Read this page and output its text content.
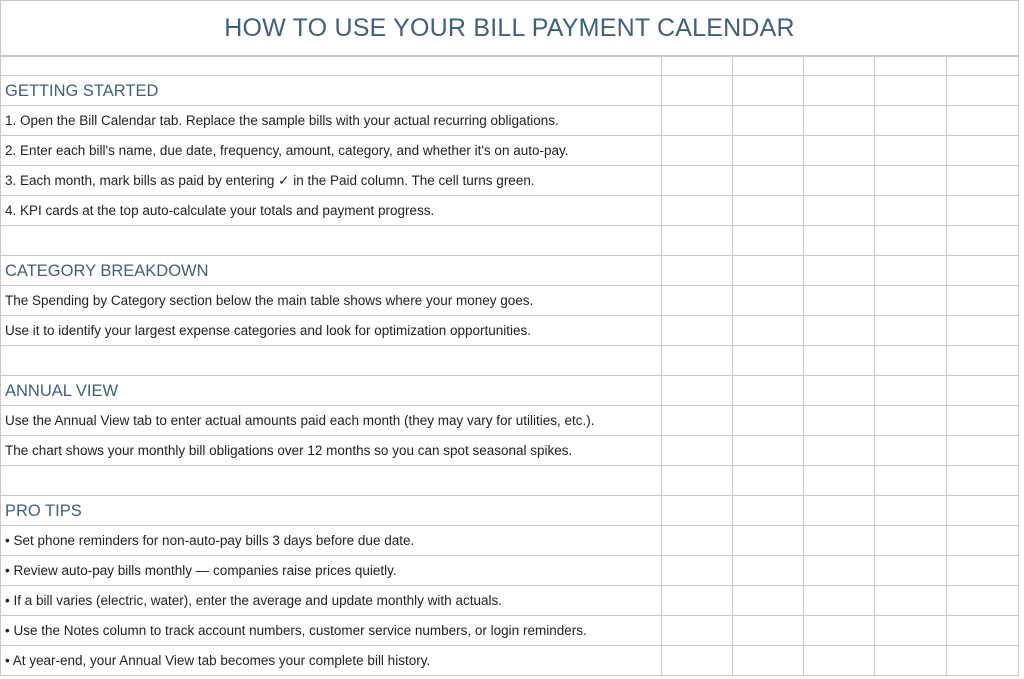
HOW TO USE YOUR BILL PAYMENT CALENDAR
GETTING STARTED
1. Open the Bill Calendar tab. Replace the sample bills with your actual recurring obligations.
2. Enter each bill's name, due date, frequency, amount, category, and whether it's on auto-pay.
3. Each month, mark bills as paid by entering ✓ in the Paid column. The cell turns green.
4. KPI cards at the top auto-calculate your totals and payment progress.
CATEGORY BREAKDOWN
The Spending by Category section below the main table shows where your money goes.
Use it to identify your largest expense categories and look for optimization opportunities.
ANNUAL VIEW
Use the Annual View tab to enter actual amounts paid each month (they may vary for utilities, etc.).
The chart shows your monthly bill obligations over 12 months so you can spot seasonal spikes.
PRO TIPS
• Set phone reminders for non-auto-pay bills 3 days before due date.
• Review auto-pay bills monthly — companies raise prices quietly.
• If a bill varies (electric, water), enter the average and update monthly with actuals.
• Use the Notes column to track account numbers, customer service numbers, or login reminders.
• At year-end, your Annual View tab becomes your complete bill history.
